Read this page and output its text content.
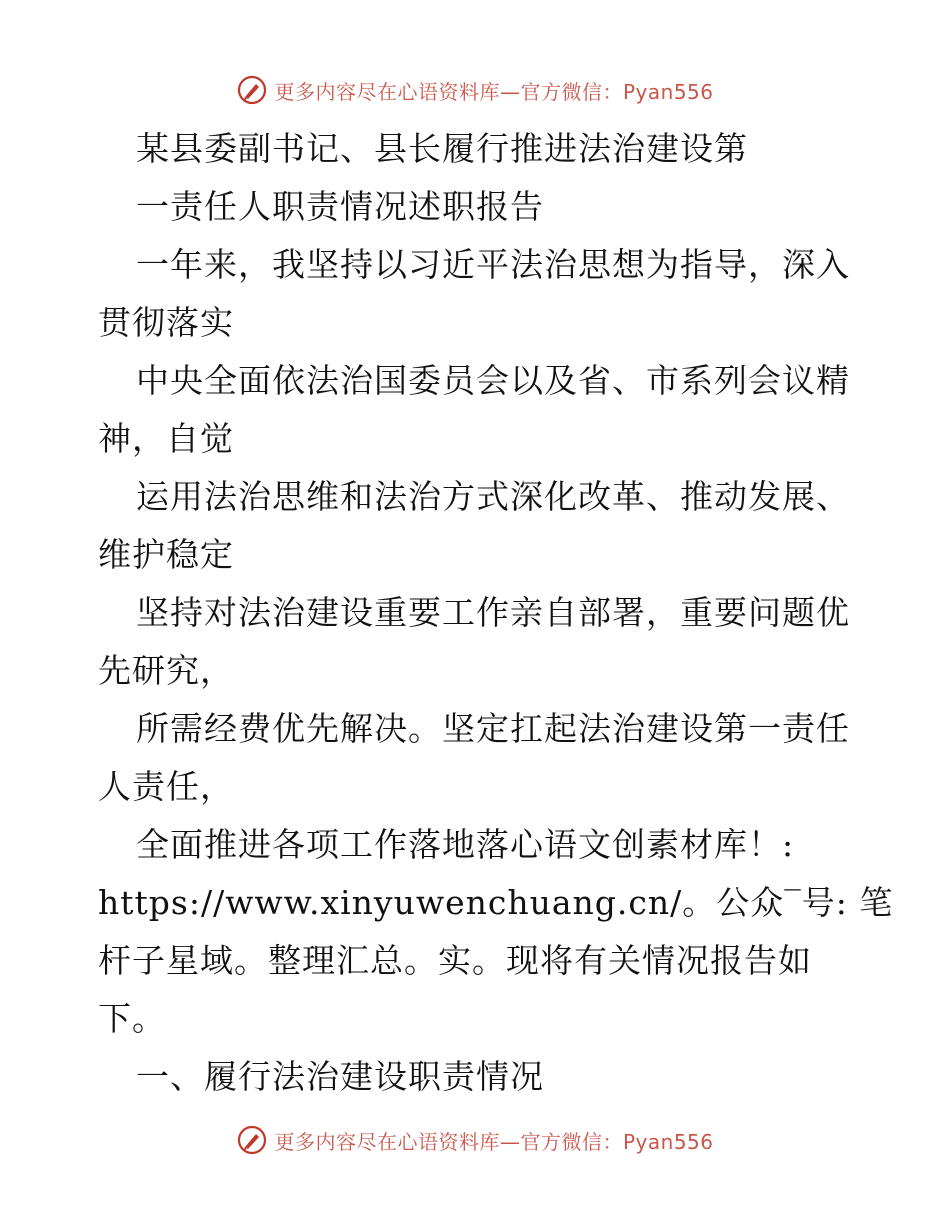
更多内容尽在心语资料库—官方微信：Pyan556
某县委副书记、县长履行推进法治建设第
一责任人职责情况述职报告
一年来，我坚持以习近平法治思想为指导，深入
贯彻落实
中央全面依法治国委员会以及省、市系列会议精
神，自觉
运用法治思维和法治方式深化改革、推动发展、
维护稳定
坚持对法治建设重要工作亲自部署，重要问题优
先研究，
所需经费优先解决。坚定扛起法治建设第一责任
人责任，
全面推进各项工作落地落心语文创素材库！:
https://www.xinyuwenchuang.cn/。公众‾号: 笔
杆子星域。整理汇总。实。现将有关情况报告如
下。
一、履行法治建设职责情况
更多内容尽在心语资料库—官方微信：Pyan556
